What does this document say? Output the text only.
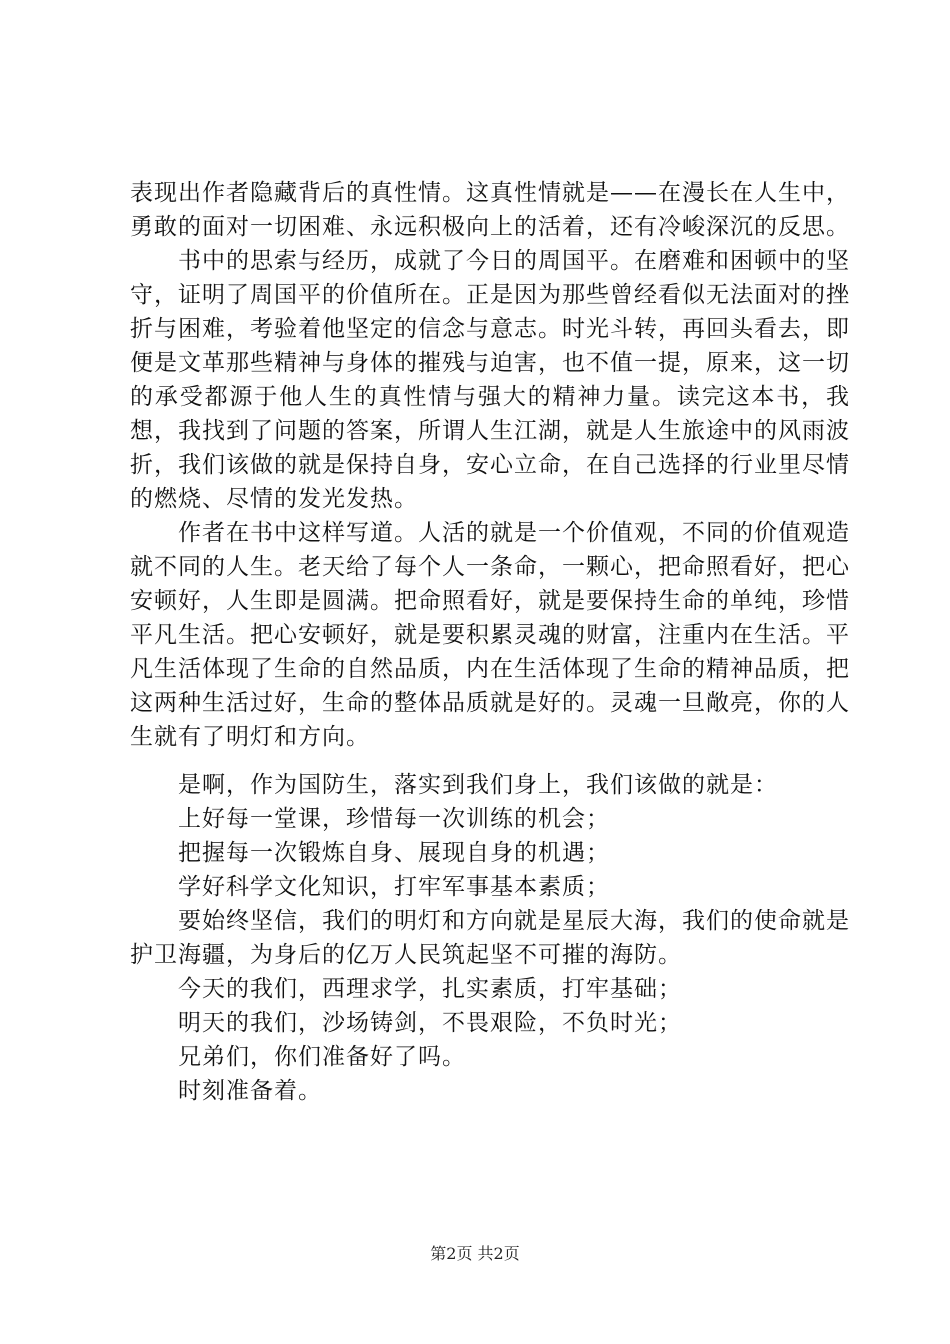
表现出作者隐藏背后的真性情。这真性情就是——在漫长在人生中，勇敢的面对一切困难、永远积极向上的活着，还有冷峻深沉的反思。

书中的思索与经历，成就了今日的周国平。在磨难和困顿中的坚守，证明了周国平的价值所在。正是因为那些曾经看似无法面对的挫折与困难，考验着他坚定的信念与意志。时光斗转，再回头看去，即便是文革那些精神与身体的摧残与迫害，也不值一提，原来，这一切的承受都源于他人生的真性情与强大的精神力量。读完这本书，我想，我找到了问题的答案，所谓人生江湖，就是人生旅途中的风雨波折，我们该做的就是保持自身，安心立命，在自己选择的行业里尽情的燃烧、尽情的发光发热。

作者在书中这样写道。人活的就是一个价值观，不同的价值观造就不同的人生。老天给了每个人一条命，一颗心，把命照看好，把心安顿好，人生即是圆满。把命照看好，就是要保持生命的单纯，珍惜平凡生活。把心安顿好，就是要积累灵魂的财富，注重内在生活。平凡生活体现了生命的自然品质，内在生活体现了生命的精神品质，把这两种生活过好，生命的整体品质就是好的。灵魂一旦敞亮，你的人生就有了明灯和方向。

是啊，作为国防生，落实到我们身上，我们该做的就是：

上好每一堂课，珍惜每一次训练的机会；

把握每一次锻炼自身、展现自身的机遇；

学好科学文化知识，打牢军事基本素质；

要始终坚信，我们的明灯和方向就是星辰大海，我们的使命就是护卫海疆，为身后的亿万人民筑起坚不可摧的海防。

今天的我们，西理求学，扎实素质，打牢基础；

明天的我们，沙场铸剑，不畏艰险，不负时光；

兄弟们，你们准备好了吗。

时刻准备着。

第2页 共2页
